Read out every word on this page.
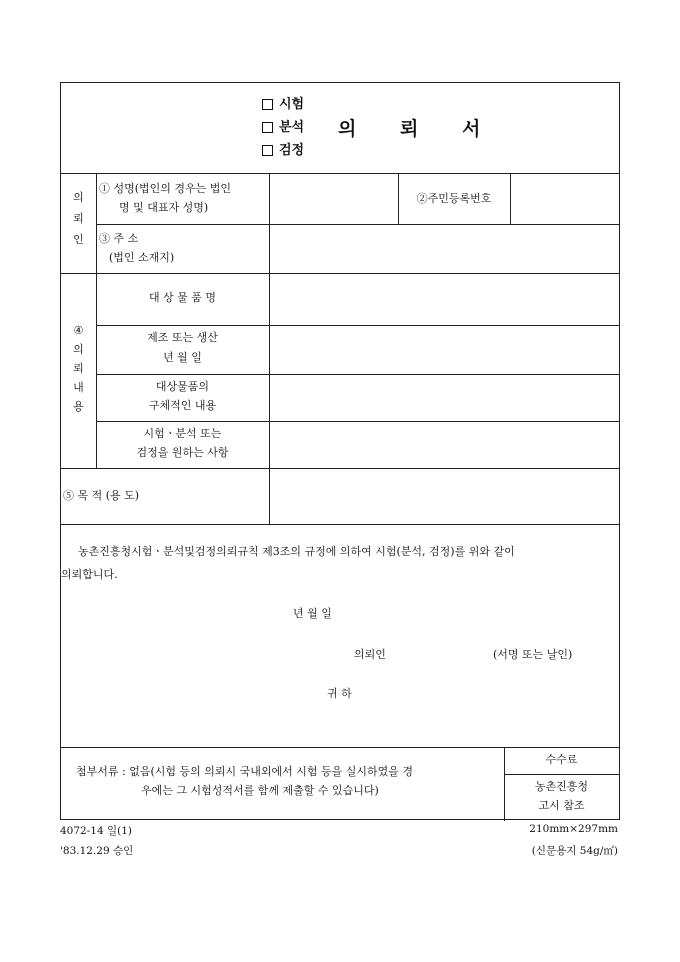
시험
분석
검정
의 뢰 서
의
뢰
인
① 성명(법인의 경우는 법인
명 및 대표자 성명)
②주민등록번호
③ 주 소
(법인 소재지)
④
의
뢰
내
용
대 상 물 품 명
제조 또는 생산
년 월 일
대상물품의
구체적인 내용
시험ㆍ분석 또는
검정을 원하는 사항
⑤ 목 적 (용 도)
농촌진흥청시험ㆍ분석및검정의뢰규칙 제3조의 규정에 의하여 시험(분석, 검정)를 위와 같이
의뢰합니다.
년 월 일
의뢰인	(서명 또는 날인)
귀 하
첨부서류 : 없음(시험 등의 의뢰시 국내외에서 시험 등을 실시하였을 경
우에는 그 시험성적서를 함께 제출할 수 있습니다)
수수료
농촌진흥청
고시 참조
4072-14 일(1)
'83.12.29 승인
210mm×297mm
(신문용지 54g/㎡)
